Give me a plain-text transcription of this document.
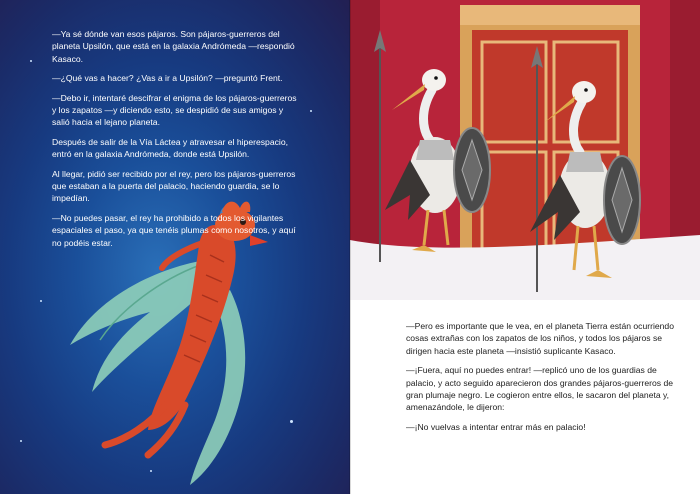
—Ya sé dónde van esos pájaros. Son pájaros-guerreros del planeta Upsilón, que está en la galaxia Andrómeda —respondió Kasaco.

—¿Qué vas a hacer? ¿Vas a ir a Upsilón? —preguntó Frent.

—Debo ir, intentaré descifrar el enigma de los pájaros-guerreros y los zapatos —y diciendo esto, se despidió de sus amigos y salió hacia el lejano planeta.

Después de salir de la Vía Láctea y atravesar el hiperespacio, entró en la galaxia Andrómeda, donde está Upsilón.

Al llegar, pidió ser recibido por el rey, pero los pájaros-guerreros que estaban a la puerta del palacio, haciendo guardia, se lo impedían.

—No puedes pasar, el rey ha prohibido a todos los vigilantes espaciales el paso, ya que tenéis plumas como nosotros, y aquí no podéis estar.

—Pero es importante que le vea, en el planeta Tierra están ocurriendo cosas extrañas con los zapatos de los niños, y todos los pájaros se dirigen hacia este planeta —insistió suplicante Kasaco.

—¡Fuera, aquí no puedes entrar! —replicó uno de los guardias de palacio, y acto seguido aparecieron dos grandes pájaros-guerreros de gran plumaje negro. Le cogieron entre ellos, le sacaron del planeta y, amenazándole, le dijeron:

—¡No vuelvas a intentar entrar más en palacio!
